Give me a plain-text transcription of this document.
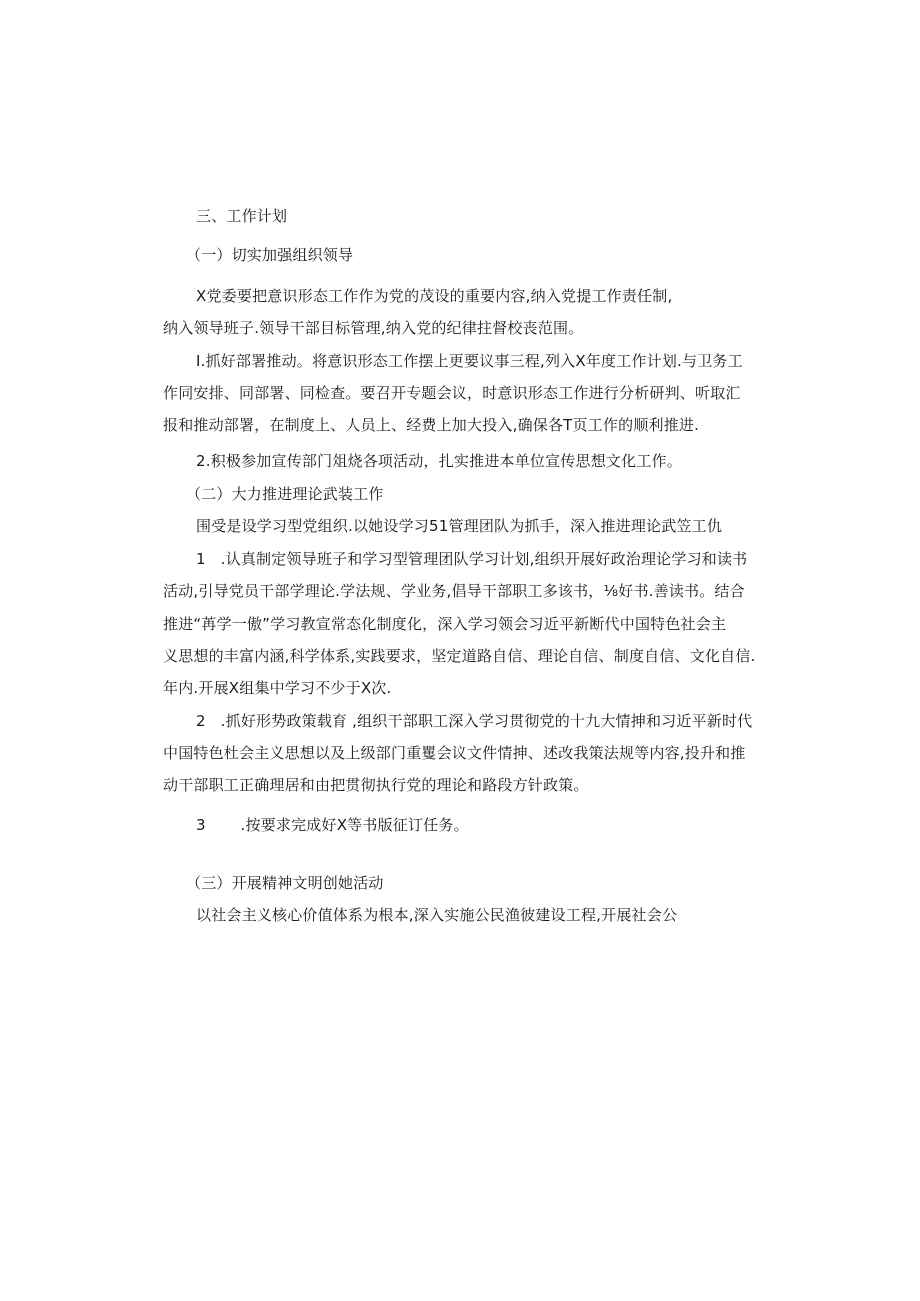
三、工作计划
（一）切实加强组织领导
X党委要把意识形态工作作为党的茂设的重要内容,纳入党提工作责任制,
纳入领导班子.领导干部目标管理,纳入党的纪律拄督校丧范围。
I.抓好部署推动。将意识形态工作摆上更要议事三程,列入X年度工作计划.与卫务工
作同安排、同部署、同检查。要召开专题会议，时意识形态工作进行分析研判、听取汇
报和推动部署，在制度上、人员上、经费上加大投入,确保各T页工作的顺利推进.
2.积极参加宣传部门俎烧各项活动，扎实推进本单位宣传思想文化工作。
（二）大力推进理论武装工作
围受是设学习型党组织.以她设学习51管理团队为抓手，深入推进理论武笠工仇
1   .认真制定领导班子和学习型管理团队学习计划,组织开展好政治理论学习和读书
活动,引导党员干部学理论.学法规、学业务,倡导干部职工多该书，⅛好书.善读书。结合
推进“苒学一傲”学习教宣常态化制度化，深入学习领会习近平新断代中国特色社会主
义思想的丰富内涵,科学体系,实践要求，坚定道路自信、理论自信、制度自信、文化自信.
年内.开展X组集中学习不少于X次.
2   .抓好形势政策载育 ,组织干部职工深入学习贯彻党的十九大情抻和习近平新时代
中国特色杜会主义思想以及上级部门重矍会议文件情抻、述改我策法规等内容,投升和推
动干部职工正确理居和由把贯彻执行党的理论和路段方针政策。
3       .按要求完成好X等书版征订任务。
（三）开展精神文明创她活动
以社会主义核心价值体系为根本,深入实施公民渔彼建设工程,开展社会公
